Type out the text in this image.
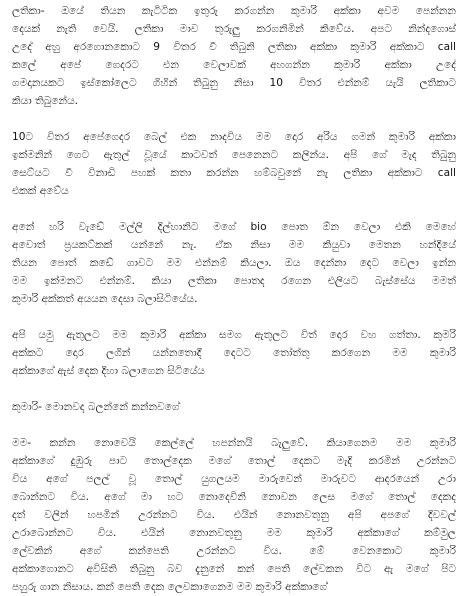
ලතිකා- ඔයේ තියන කැටිටික ඉතුරු කරගන්න කුමාරි අක්කා අවම පෙන්නන
දෙයක් නැති වෙයි. ලතිකා මාව තුරුලු කරගනිමින් කිවේය. අපට නින්දගොස්
උදේ අහු අරගොනකොට 9 විතර වී තිබුනි ලතිකා අක්කා කුමාරි අක්කාට call
කලේ අපේ ගෙදරට එන වෙලාවක් අහගන්න කුමාරි අක්කා උදේ
ගමදානයකට ඉස්කෝලෙට ගිහින් තිබුනු නිසා 10 විතර එන්නම් යැයි ලතිකාට
කියා තිබුනේය.
10ට විතර අපේගෙදර බෙල් එක නාදවිය මම දොර අරිය ගමන් කුමාරි අක්කා
ඉක්මනින් ගෙට ඇතුල් වූයේ කාටවත් පෙනෙනට කලින්ය. අපි ගේ මැද තිබුනු
සෙට්යට වී විනාඩි පහක් කතා කරන්න හම්බවුනේ නැ ලතිකා අක්කාට call
එකක් අවේය
අනේ හරි වැඩේ මල්ලි දිල්හානිට මගේ bio පොත ඕන වෙලා එකි මෙහේ
අවොත් ප්‍රයකට්කක් යන්නේ නැ. ඒක නිසා මම කියුවා මෙතන හන්දියේ
තියන පොත් කඩේ ගාවට මම එන්නම් කියලා. ඔය දෙන්නා දෙට වෙලා ඉන්න
මම ඉක්මනට එන්නම්. කියා ලතිකා පොතද රගෙන එලියට බැස්සේය මමත්
කුමාරි අක්කත් අයයන දෙසා බලාසිටියේය.
අපි යමු ඇතුලට මම කුමාරි අක්කා සමග ඇතුලට විත් දොර වහ ගත්තා. කුමරි
අක්කට දොර ලගින් යන්නතොදී දෙටට තෝත්තු කරගෙන මම කුමාරි
අක්කාගේ ඇස් දෙක දිහා බලාගෙන සිටියේය
කුමාරි- මොනවද බලන්නේ කන්නවගේ
මම- කන්න නොවෙයි කෙල්ලේ හපන්නයි බැලුවේ. කියාගෙනම මම කුමාරි
අක්කාගේ දුඹුරු පාට තොල්දෙක මගේ තොල් දෙකට මැදි කරමින් උරන්නට
විය අගේ පලල් වූ තොල් යුගලයම මාරුවෙන් මාරුවට ආදරයෙන් උරා
බොන්නට විය. අගේ මා හට නොදෙවිනි නොවන ලෙස මගේ තොල් දෙකද
දත් වලින් හපමින් උරන්නට විය. එයින් නොනවතුනු අපි අපගේ දිවවල්
උරාබොන්නට විය. එයින් නොනවතුනු මම කුමාරි අක්කාගේ කම්මුල
ලේවකින් අගේ කන්පෙති උරන්නට විය. මේ වෙනකොට කුමාරි
අක්කාගොනට අවිසිති තිබුනු බව දැනුනේ කන් පෙති ලේවකන විට ඇ මගේ පිට
පහුරු ගාන නිසාය. කන් පෙති දෙක ලෙවකාගෙනම මම කුමාරි අක්කාගේ
